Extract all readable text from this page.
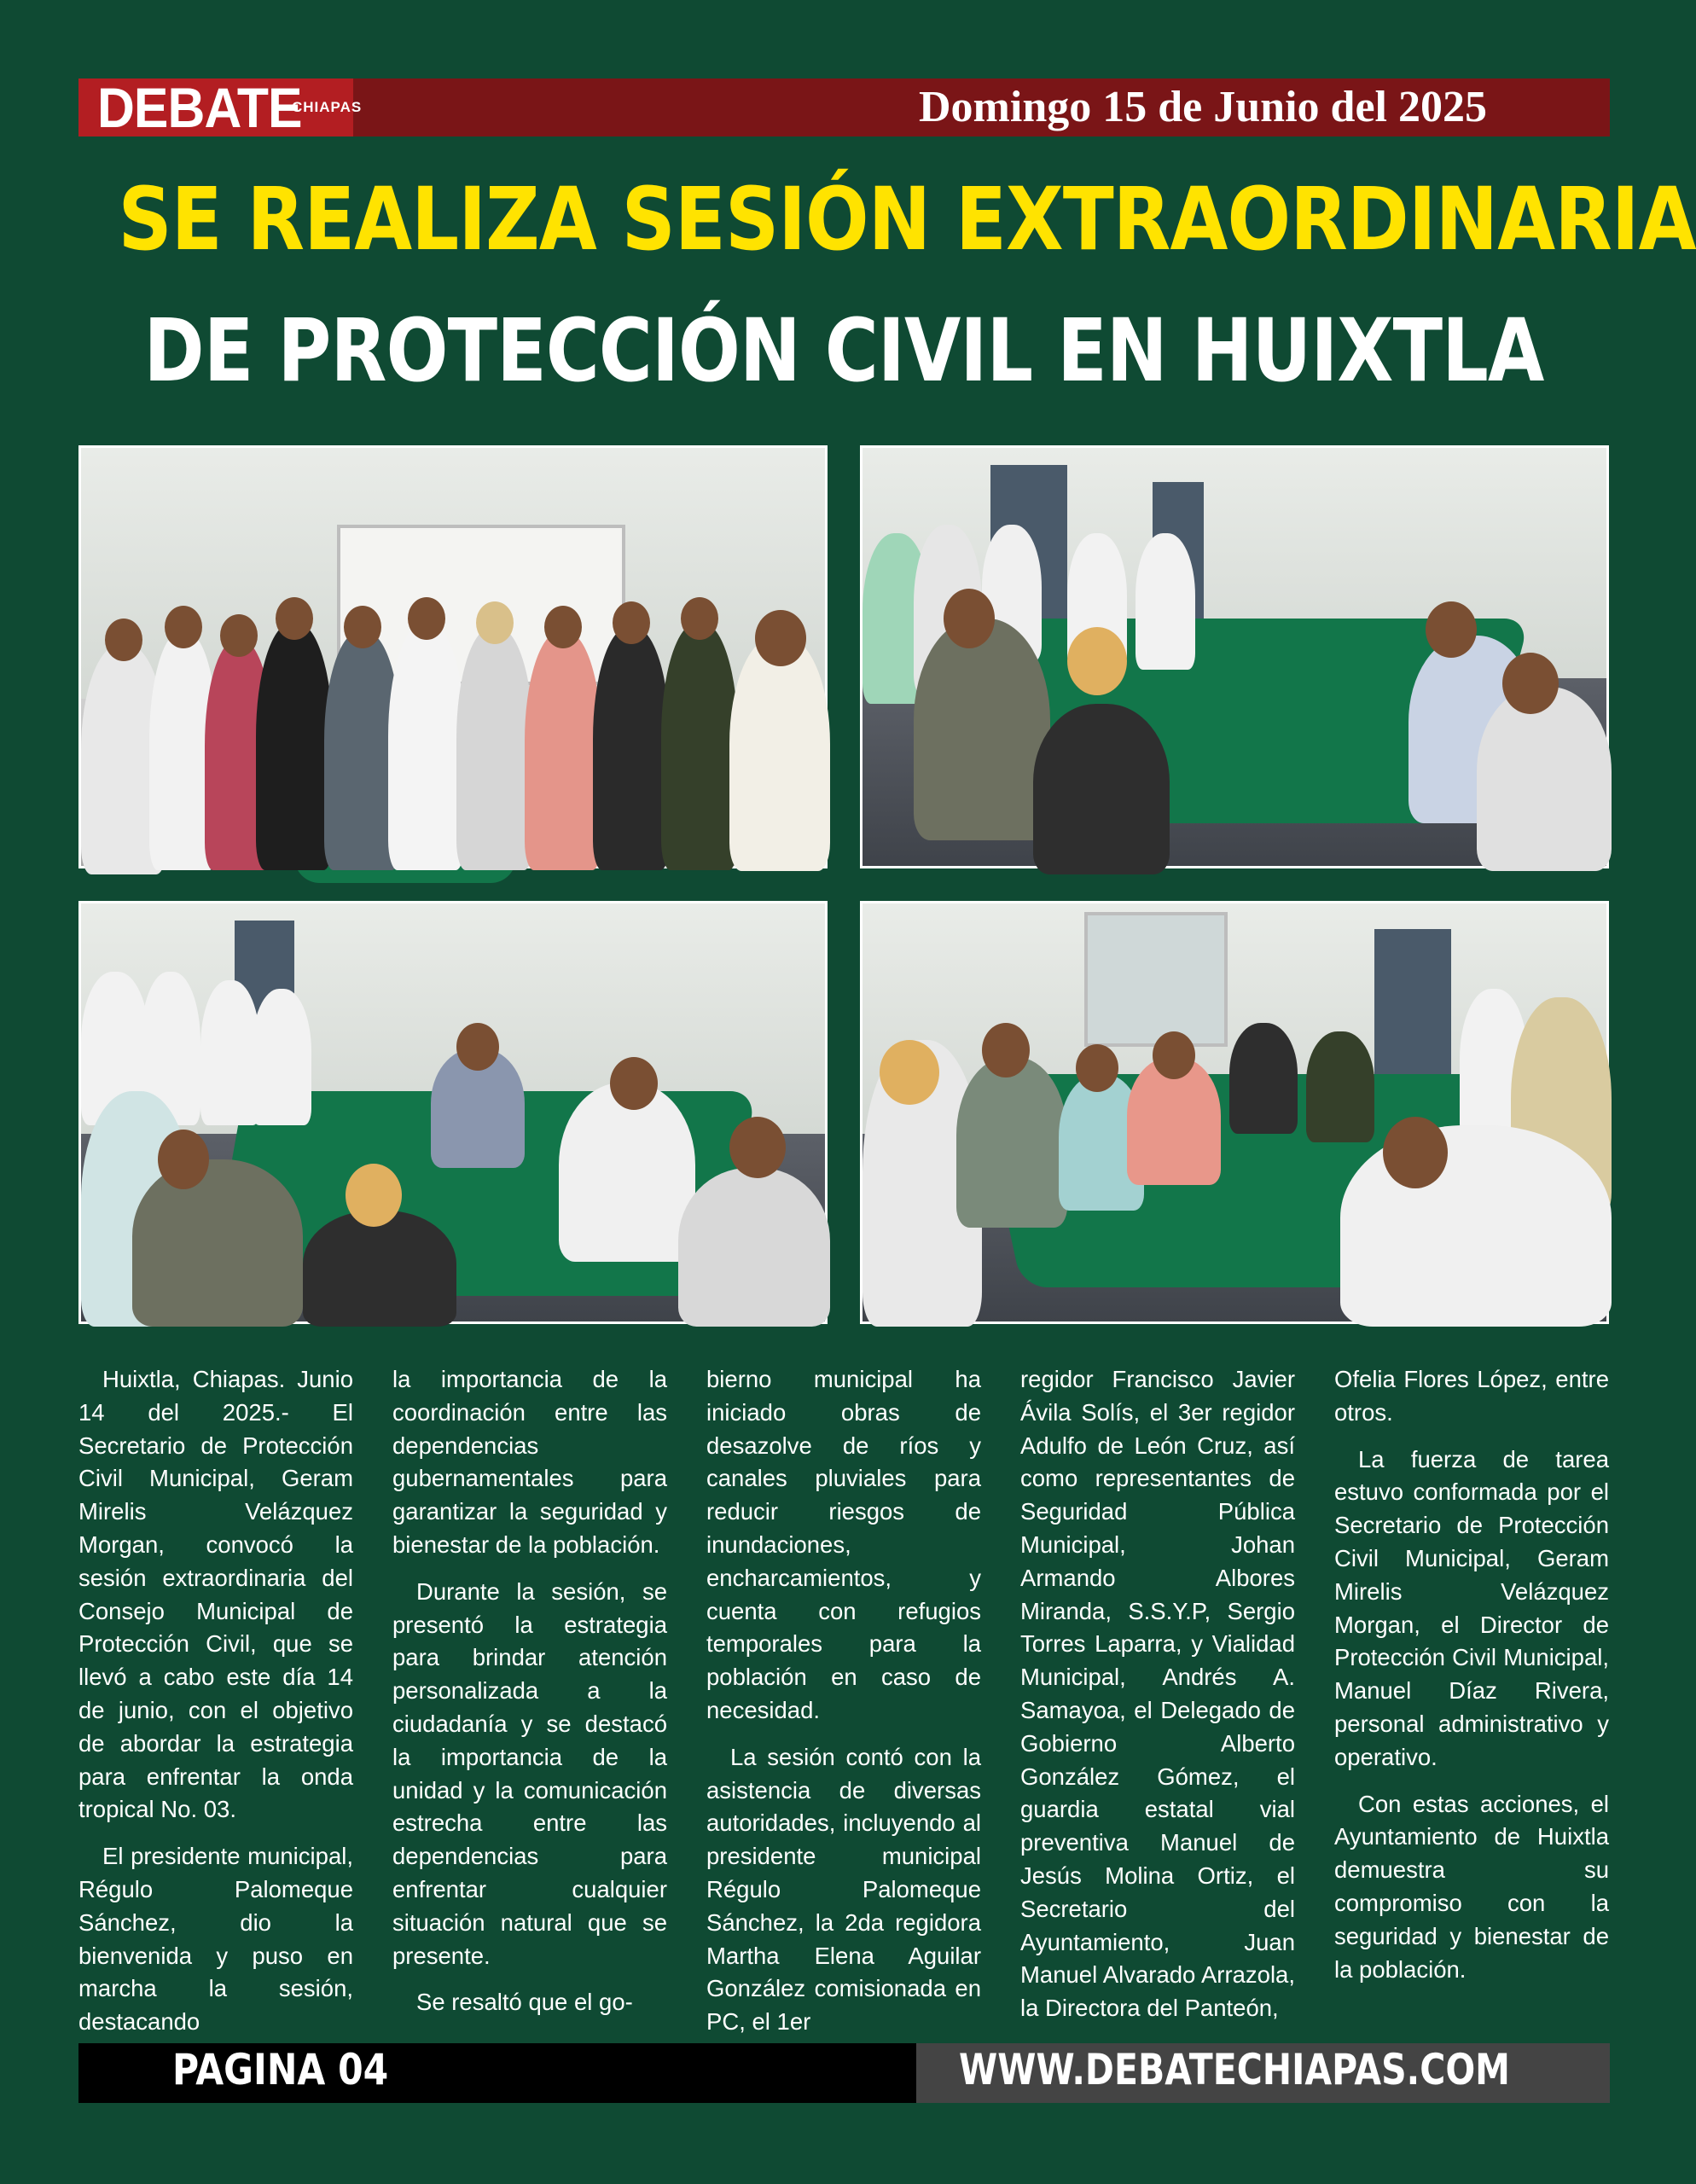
DEBATE
CHIAPAS	Domingo 15 de Junio del 2025
SE REALIZA SESIÓN EXTRAORDINARIA
DE PROTECCIÓN CIVIL EN HUIXTLA

Huixtla, Chiapas. Junio 14 del 2025.- El Secretario de Protección Civil Municipal, Geram Mirelis Velázquez Morgan, convocó la sesión extraordinaria del Consejo Municipal de Protección Civil, que se llevó a cabo este día 14 de junio, con el objetivo de abordar la estrategia para enfrentar la onda tropical No. 03.

El presidente municipal, Régulo Palomeque Sánchez, dio la bienvenida y puso en marcha la sesión, destacando

la importancia de la coordinación entre las dependencias gubernamentales para garantizar la seguridad y bienestar de la población.

Durante la sesión, se presentó la estrategia para brindar atención personalizada a la ciudadanía y se destacó la importancia de la unidad y la comunicación estrecha entre las dependencias para enfrentar cualquier situación natural que se presente.

Se resaltó que el go-

bierno municipal ha iniciado obras de desazolve de ríos y canales pluviales para reducir riesgos de inundaciones, encharcamientos, y cuenta con refugios temporales para la población en caso de necesidad.

La sesión contó con la asistencia de diversas autoridades, incluyendo al presidente municipal Régulo Palomeque Sánchez, la 2da regidora Martha Elena Aguilar González comisionada en PC, el 1er

regidor Francisco Javier Ávila Solís, el 3er regidor Adulfo de León Cruz, así como representantes de Seguridad Pública Municipal, Johan Armando Albores Miranda, S.S.Y.P, Sergio Torres Laparra, y Vialidad Municipal, Andrés A. Samayoa, el Delegado de Gobierno Alberto González Gómez, el guardia estatal vial preventiva Manuel de Jesús Molina Ortiz, el Secretario del Ayuntamiento, Juan Manuel Alvarado Arrazola, la Directora del Panteón,

Ofelia Flores López, entre otros.

La fuerza de tarea estuvo conformada por el Secretario de Protección Civil Municipal, Geram Mirelis Velázquez Morgan, el Director de Protección Civil Municipal, Manuel Díaz Rivera, personal administrativo y operativo.

Con estas acciones, el Ayuntamiento de Huixtla demuestra su compromiso con la seguridad y bienestar de la población.

PAGINA 04	WWW.DEBATECHIAPAS.COM
